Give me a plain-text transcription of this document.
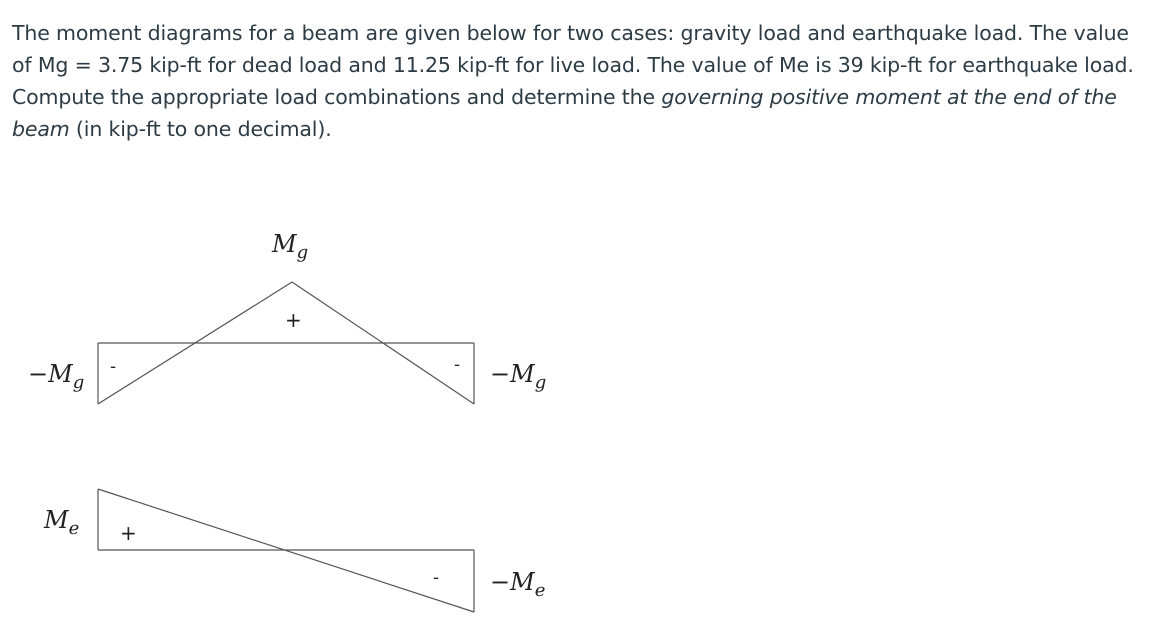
The moment diagrams for a beam are given below for two cases: gravity load and earthquake load. The value of Mg = 3.75 kip-ft for dead load and 11.25 kip-ft for live load. The value of Me is 39 kip-ft for earthquake load. Compute the appropriate load combinations and determine the governing positive moment at the end of the beam (in kip-ft to one decimal).
$M_g$
+
$-M_g$
-	- $-M_g$
$M_e$ +
- $-M_e$
